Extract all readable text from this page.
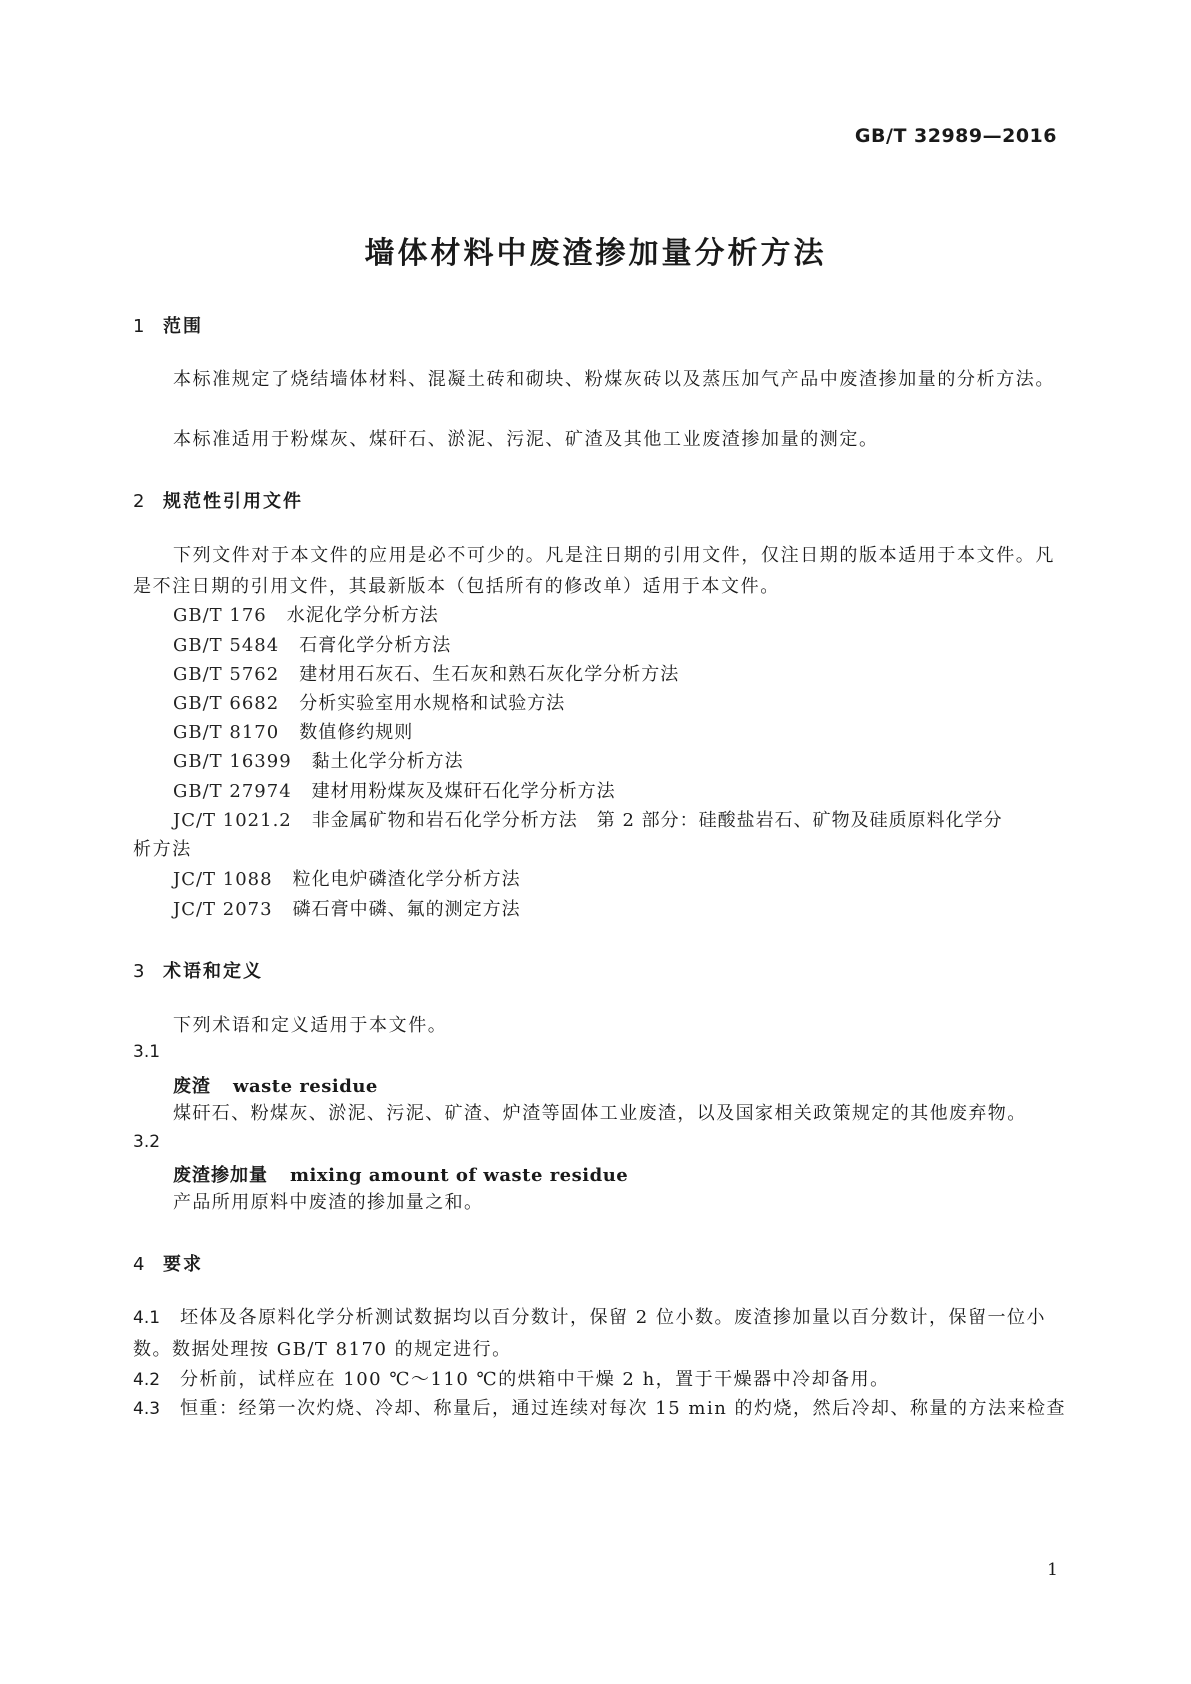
GB/T 32989—2016
墙体材料中废渣掺加量分析方法
1 范围

本标准规定了烧结墙体材料、混凝土砖和砌块、粉煤灰砖以及蒸压加气产品中废渣掺加量的分析方法。

本标准适用于粉煤灰、煤矸石、淤泥、污泥、矿渣及其他工业废渣掺加量的测定。

2 规范性引用文件

下列文件对于本文件的应用是必不可少的。凡是注日期的引用文件，仅注日期的版本适用于本文件。凡是不注日期的引用文件，其最新版本（包括所有的修改单）适用于本文件。

GB/T 176 水泥化学分析方法

GB/T 5484 石膏化学分析方法

GB/T 5762 建材用石灰石、生石灰和熟石灰化学分析方法

GB/T 6682 分析实验室用水规格和试验方法

GB/T 8170 数值修约规则

GB/T 16399 黏土化学分析方法

GB/T 27974 建材用粉煤灰及煤矸石化学分析方法

JC/T 1021.2 非金属矿物和岩石化学分析方法　第 2 部分：硅酸盐岩石、矿物及硅质原料化学分

析方法

JC/T 1088 粒化电炉磷渣化学分析方法

JC/T 2073 磷石膏中磷、氟的测定方法

3 术语和定义

下列术语和定义适用于本文件。

3.1

废渣 waste residue

煤矸石、粉煤灰、淤泥、污泥、矿渣、炉渣等固体工业废渣，以及国家相关政策规定的其他废弃物。

3.2

废渣掺加量 mixing amount of waste residue

产品所用原料中废渣的掺加量之和。

4 要求

4.1 坯体及各原料化学分析测试数据均以百分数计，保留 2 位小数。废渣掺加量以百分数计，保留一位小数。数据处理按 GB/T 8170 的规定进行。

4.2 分析前，试样应在 100 ℃～110 ℃的烘箱中干燥 2 h，置于干燥器中冷却备用。

4.3 恒重：经第一次灼烧、冷却、称量后，通过连续对每次 15 min 的灼烧，然后冷却、称量的方法来检查

1
